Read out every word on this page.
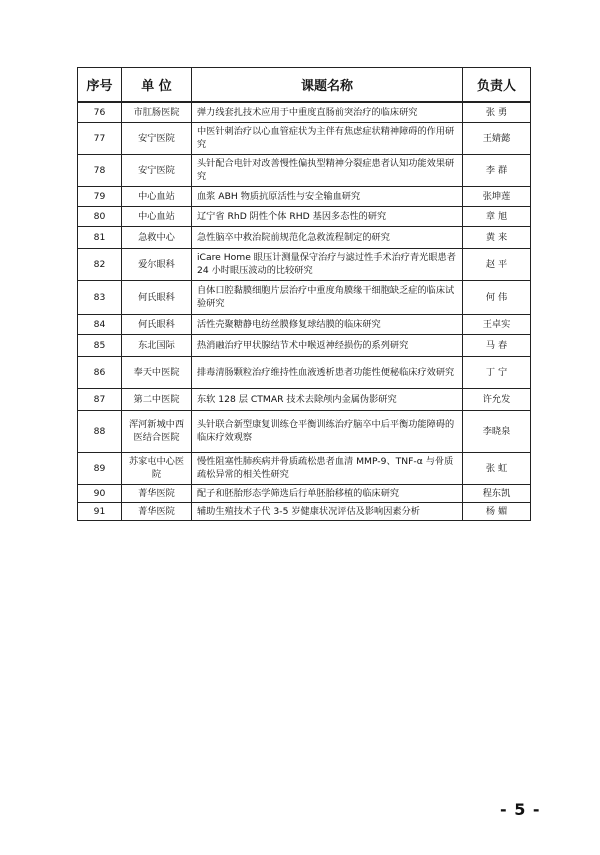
序号	单 位	课题名称	负责人
76	市肛肠医院	弹力线套扎技术应用于中重度直肠前突治疗的临床研究	张 勇
77	安宁医院	中医针刺治疗以心血管症状为主伴有焦虑症状精神障碍的作用研究	王婧懿
78	安宁医院	头针配合电针对改善慢性偏执型精神分裂症患者认知功能效果研究	李 群
79	中心血站	血浆 ABH 物质抗原活性与安全输血研究	张坤莲
80	中心血站	辽宁省 RhD 阴性个体 RHD 基因多态性的研究	章 旭
81	急救中心	急性脑卒中救治院前规范化急救流程制定的研究	黄 来
82	爱尔眼科	iCare Home 眼压计测量保守治疗与滤过性手术治疗青光眼患者 24 小时眼压波动的比较研究	赵 平
83	何氏眼科	自体口腔黏膜细胞片层治疗中重度角膜缘干细胞缺乏症的临床试验研究	何 伟
84	何氏眼科	活性壳聚糖静电纺丝膜修复球结膜的临床研究	王卓实
85	东北国际	热消融治疗甲状腺结节术中喉返神经损伤的系列研究	马 春
86	奉天中医院	排毒清肠颗粒治疗维持性血液透析患者功能性便秘临床疗效研究	丁 宁
87	第二中医院	东软 128 层 CTMAR 技术去除颅内金属伪影研究	许允发
88	浑河新城中西医结合医院	头针联合新型康复训练仓平衡训练治疗脑卒中后平衡功能障碍的临床疗效观察	李晓泉
89	苏家屯中心医院	慢性阻塞性肺疾病并骨质疏松患者血清 MMP-9、TNF-α 与骨质疏松异常的相关性研究	张 虹
90	菁华医院	配子和胚胎形态学筛选后行单胚胎移植的临床研究	程东凯
91	菁华医院	辅助生殖技术子代 3-5 岁健康状况评估及影响因素分析	杨 媚
- 5 -
